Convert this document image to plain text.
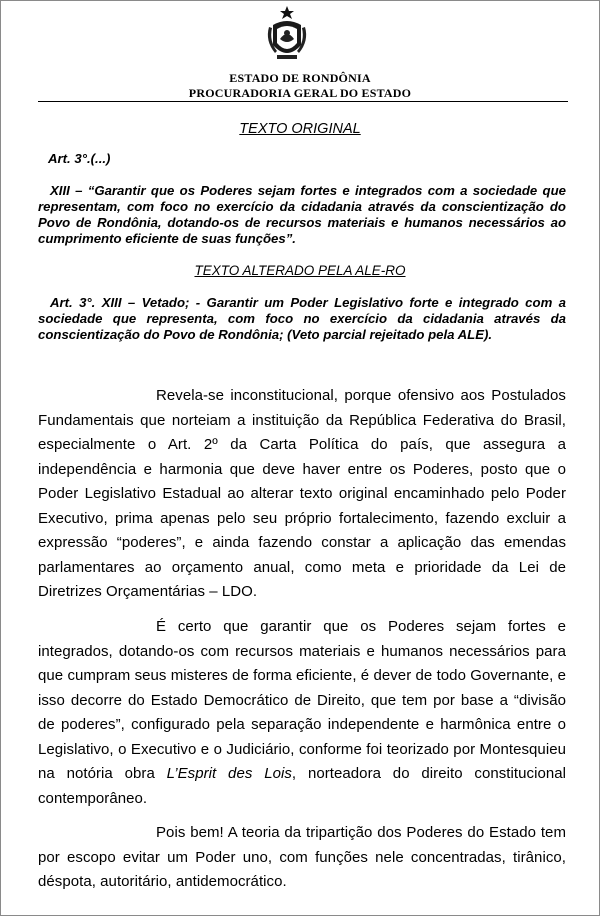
ESTADO DE RONDÔNIA
PROCURADORIA GERAL DO ESTADO
TEXTO ORIGINAL

Art. 3°.(...)

XIII – “Garantir que os Poderes sejam fortes e integrados com a sociedade que representam, com foco no exercício da cidadania através da conscientização do Povo de Rondônia, dotando-os de recursos materiais e humanos necessários ao cumprimento eficiente de suas funções”.

TEXTO ALTERADO PELA ALE-RO

Art. 3°. XIII – Vetado; - Garantir um Poder Legislativo forte e integrado com a sociedade que representa, com foco no exercício da cidadania através da conscientização do Povo de Rondônia; (Veto parcial rejeitado pela ALE).

Revela-se inconstitucional, porque ofensivo aos Postulados Fundamentais que norteiam a instituição da República Federativa do Brasil, especialmente o Art. 2º da Carta Política do país, que assegura a independência e harmonia que deve haver entre os Poderes, posto que o Poder Legislativo Estadual ao alterar texto original encaminhado pelo Poder Executivo, prima apenas pelo seu próprio fortalecimento, fazendo excluir a expressão “poderes”, e ainda fazendo constar a aplicação das emendas parlamentares ao orçamento anual, como meta e prioridade da Lei de Diretrizes Orçamentárias – LDO.

É certo que garantir que os Poderes sejam fortes e integrados, dotando-os com recursos materiais e humanos necessários para que cumpram seus misteres de forma eficiente, é dever de todo Governante, e isso decorre do Estado Democrático de Direito, que tem por base a “divisão de poderes”, configurado pela separação independente e harmônica entre o Legislativo, o Executivo e o Judiciário, conforme foi teorizado por Montesquieu na notória obra L’Esprit des Lois, norteadora do direito constitucional contemporâneo.

Pois bem! A teoria da tripartição dos Poderes do Estado tem por escopo evitar um Poder uno, com funções nele concentradas, tirânico, déspota, autoritário, antidemocrático.
